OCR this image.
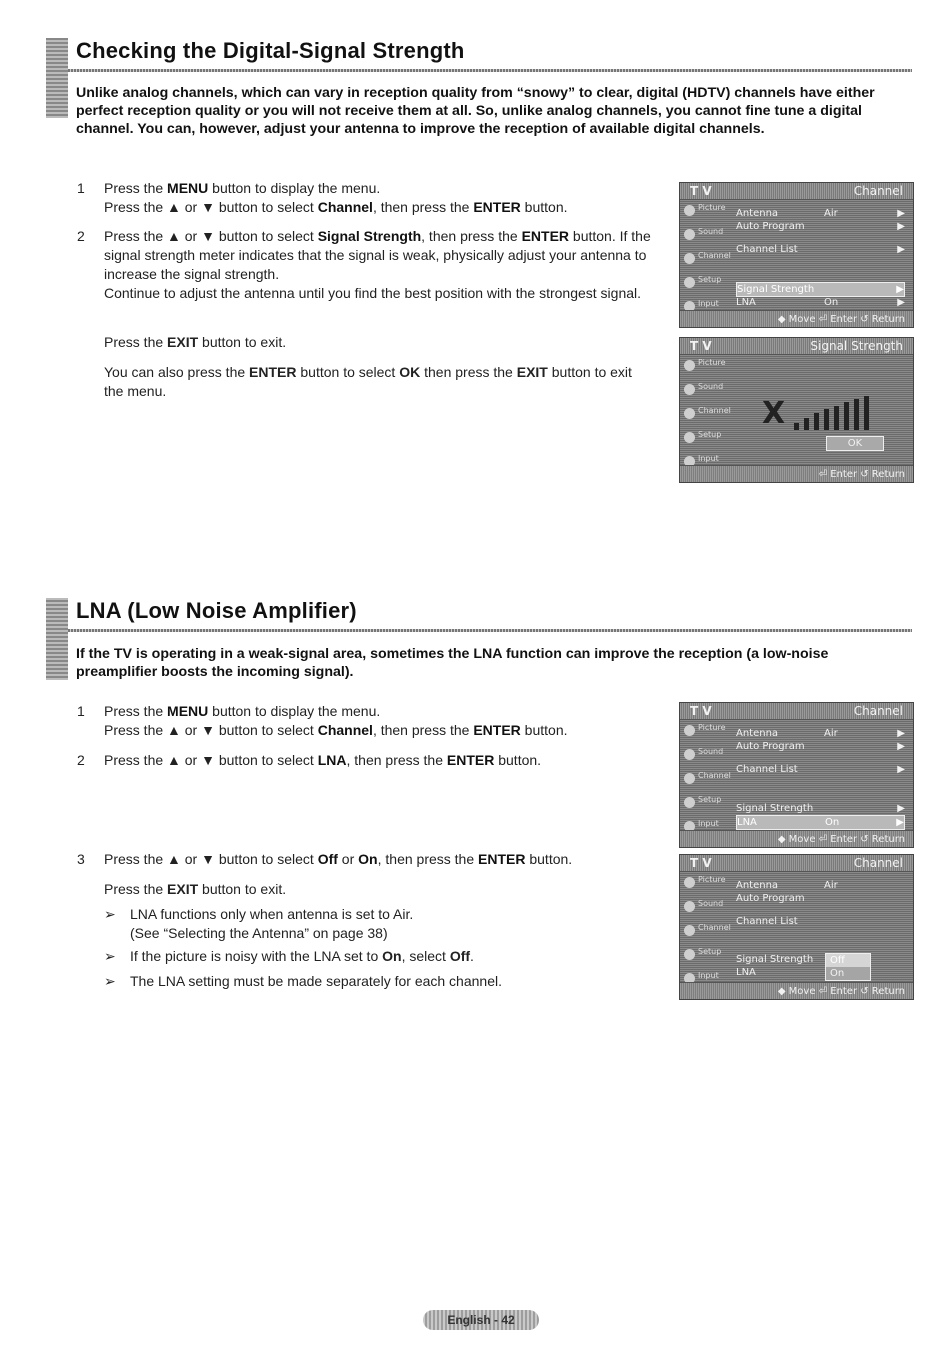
Checking the Digital-Signal Strength
Unlike analog channels, which can vary in reception quality from “snowy” to clear, digital (HDTV) channels have either perfect reception quality or you will not receive them at all. So, unlike analog channels, you cannot fine tune a digital channel. You can, however, adjust your antenna to improve the reception of available digital channels.
1 Press the MENU button to display the menu.
Press the ▲ or ▼ button to select Channel, then press the ENTER button.
2 Press the ▲ or ▼ button to select Signal Strength, then press the ENTER button. If the signal strength meter indicates that the signal is weak, physically adjust your antenna to increase the signal strength.
Continue to adjust the antenna until you find the best position with the strongest signal.
Press the EXIT button to exit.
You can also press the ENTER button to select OK then press the EXIT button to exit the menu.
T V	Channel
Picture
Sound
Channel
Setup
Input
Antenna	Air	▶
Auto Program	▶
Channel List	▶
Signal Strength	▶
LNA	On	▶
◆ Move ⏎ Enter ↺ Return
T V	Signal Strength
Picture
Sound
Channel
Setup
Input
X
OK
⏎ Enter ↺ Return
LNA (Low Noise Amplifier)
If the TV is operating in a weak-signal area, sometimes the LNA function can improve the reception (a low-noise preamplifier boosts the incoming signal).
1 Press the MENU button to display the menu.
Press the ▲ or ▼ button to select Channel, then press the ENTER button.
2 Press the ▲ or ▼ button to select LNA, then press the ENTER button.
3 Press the ▲ or ▼ button to select Off or On, then press the ENTER button.
Press the EXIT button to exit.
➢	LNA functions only when antenna is set to Air.
(See “Selecting the Antenna” on page 38)
➢	If the picture is noisy with the LNA set to On, select Off.
➢	The LNA setting must be made separately for each channel.
T V	Channel
Picture
Sound
Channel
Setup
Input
Antenna	Air	▶
Auto Program	▶
Channel List	▶
Signal Strength	▶
LNA	On	▶
◆ Move ⏎ Enter ↺ Return
T V	Channel
Picture
Sound
Channel
Setup
Input
Antenna	Air
Auto Program
Channel List
Signal Strength
LNA
Off
On
◆ Move ⏎ Enter ↺ Return
English - 42
